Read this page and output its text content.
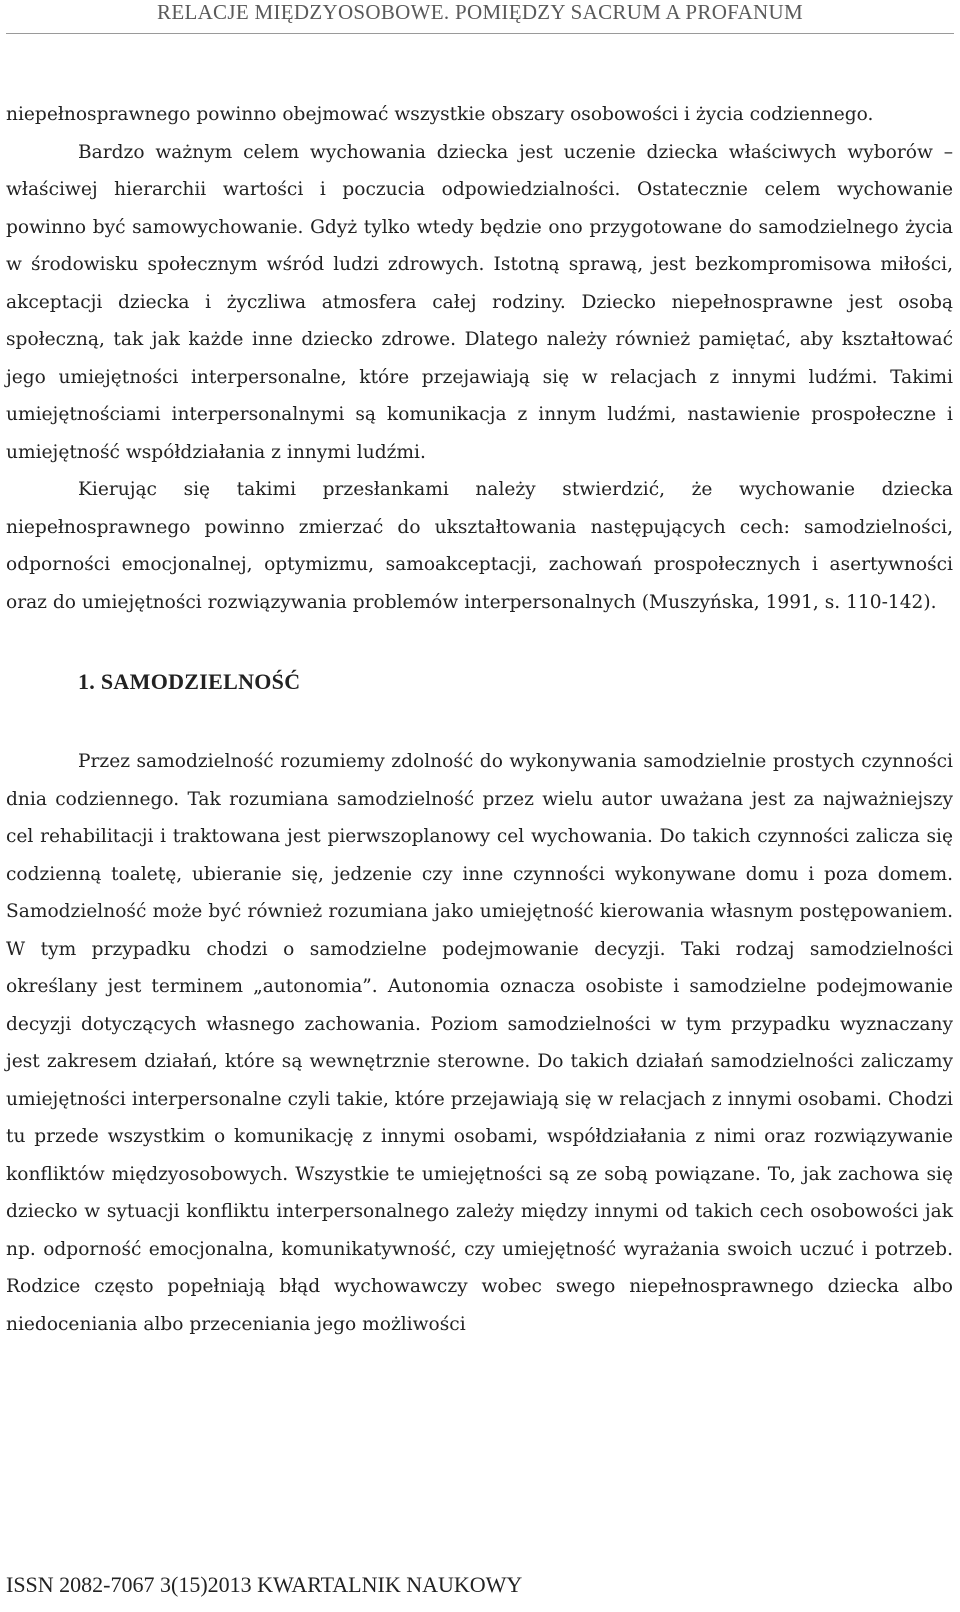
RELACJE MIĘDZYOSOBOWE. POMIĘDZY SACRUM A PROFANUM

niepełnosprawnego powinno obejmować wszystkie obszary osobowości i życia codziennego.

Bardzo ważnym celem wychowania dziecka jest uczenie dziecka właściwych wyborów – właściwej hierarchii wartości i poczucia odpowiedzialności. Ostatecznie celem wychowanie powinno być samowychowanie. Gdyż tylko wtedy będzie ono przygotowane do samodzielnego życia w środowisku społecznym wśród ludzi zdrowych. Istotną sprawą, jest bezkompromisowa miłości, akceptacji dziecka i życzliwa atmosfera całej rodziny. Dziecko niepełnosprawne jest osobą społeczną, tak jak każde inne dziecko zdrowe. Dlatego należy również pamiętać, aby kształtować jego umiejętności interpersonalne, które przejawiają się w relacjach z innymi ludźmi. Takimi umiejętnościami interpersonalnymi są komunikacja z innym ludźmi, nastawienie prospołeczne i umiejętność współdziałania z innymi ludźmi.

Kierując się takimi przesłankami należy stwierdzić, że wychowanie dziecka niepełnosprawnego powinno zmierzać do ukształtowania następujących cech: samodzielności, odporności emocjonalnej, optymizmu, samoakceptacji, zachowań prospołecznych i asertywności oraz do umiejętności rozwiązywania problemów interpersonalnych (Muszyńska, 1991, s. 110-142).

1. SAMODZIELNOŚĆ

Przez samodzielność rozumiemy zdolność do wykonywania samodzielnie prostych czynności dnia codziennego. Tak rozumiana samodzielność przez wielu autor uważana jest za najważniejszy cel rehabilitacji i traktowana jest pierwszoplanowy cel wychowania. Do takich czynności zalicza się codzienną toaletę, ubieranie się, jedzenie czy inne czynności wykonywane domu i poza domem. Samodzielność może być również rozumiana jako umiejętność kierowania własnym postępowaniem. W tym przypadku chodzi o samodzielne podejmowanie decyzji. Taki rodzaj samodzielności określany jest terminem „autonomia”. Autonomia oznacza osobiste i samodzielne podejmowanie decyzji dotyczących własnego zachowania. Poziom samodzielności w tym przypadku wyznaczany jest zakresem działań, które są wewnętrznie sterowne. Do takich działań samodzielności zaliczamy umiejętności interpersonalne czyli takie, które przejawiają się w relacjach z innymi osobami. Chodzi tu przede wszystkim o komunikację z innymi osobami, współdziałania z nimi oraz rozwiązywanie konfliktów międzyosobowych. Wszystkie te umiejętności są ze sobą powiązane. To, jak zachowa się dziecko w sytuacji konfliktu interpersonalnego zależy między innymi od takich cech osobowości jak np. odporność emocjonalna, komunikatywność, czy umiejętność wyrażania swoich uczuć i potrzeb. Rodzice często popełniają błąd wychowawczy wobec swego niepełnosprawnego dziecka albo niedoceniania albo przeceniania jego możliwości

ISSN 2082-7067 3(15)2013 KWARTALNIK NAUKOWY
